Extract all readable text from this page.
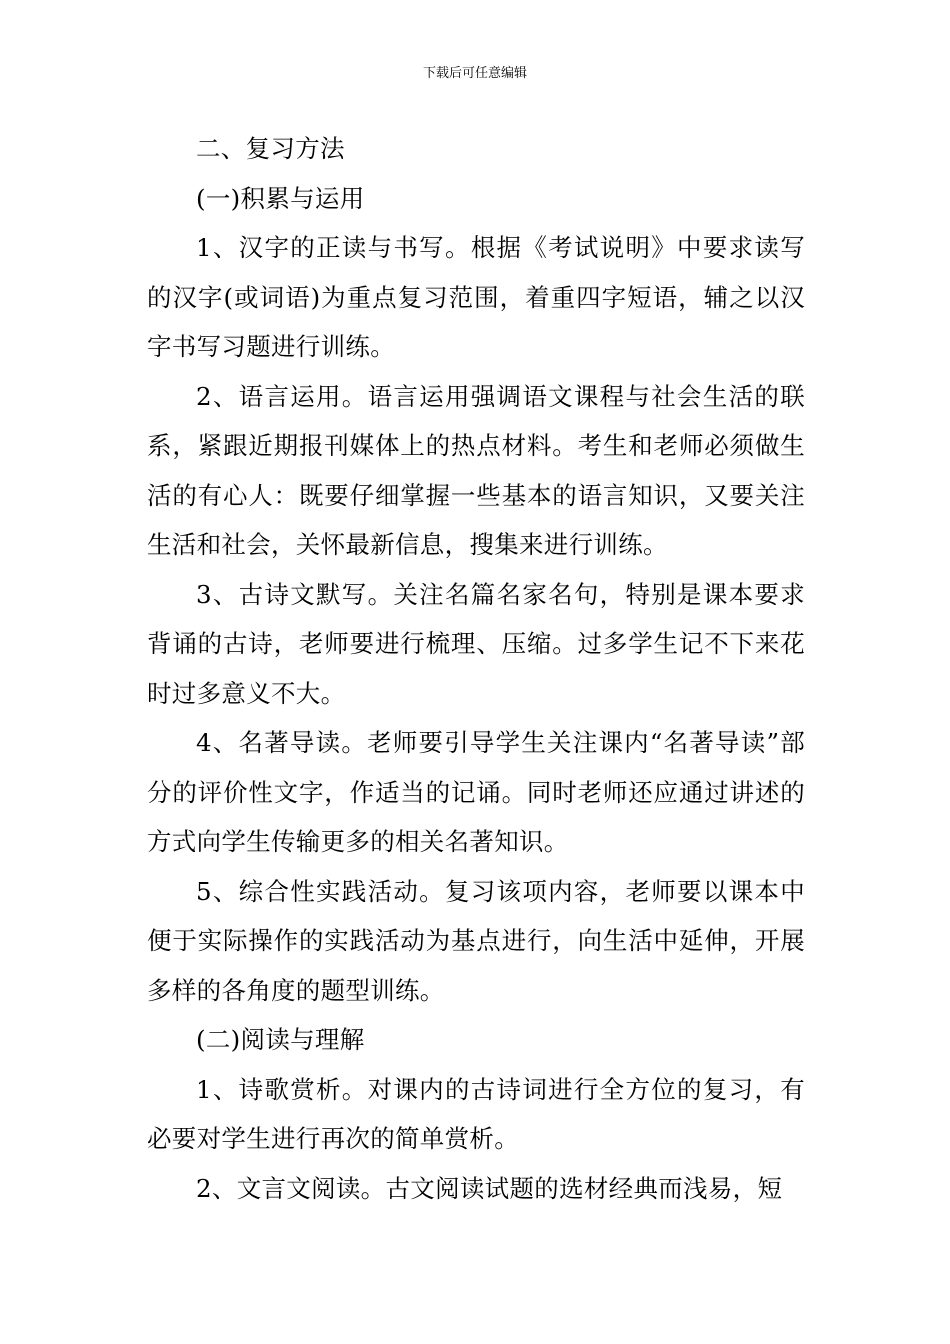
下载后可任意编辑

二、复习方法

(一)积累与运用

1、汉字的正读与书写。根据《考试说明》中要求读写的汉字(或词语)为重点复习范围，着重四字短语，辅之以汉字书写习题进行训练。

2、语言运用。语言运用强调语文课程与社会生活的联系，紧跟近期报刊媒体上的热点材料。考生和老师必须做生活的有心人：既要仔细掌握一些基本的语言知识，又要关注生活和社会，关怀最新信息，搜集来进行训练。

3、古诗文默写。关注名篇名家名句，特别是课本要求背诵的古诗，老师要进行梳理、压缩。过多学生记不下来花时过多意义不大。

4、名著导读。老师要引导学生关注课内“名著导读”部分的评价性文字，作适当的记诵。同时老师还应通过讲述的方式向学生传输更多的相关名著知识。

5、综合性实践活动。复习该项内容，老师要以课本中便于实际操作的实践活动为基点进行，向生活中延伸，开展多样的各角度的题型训练。

(二)阅读与理解

1、诗歌赏析。对课内的古诗词进行全方位的复习，有必要对学生进行再次的简单赏析。

2、文言文阅读。古文阅读试题的选材经典而浅易，短
